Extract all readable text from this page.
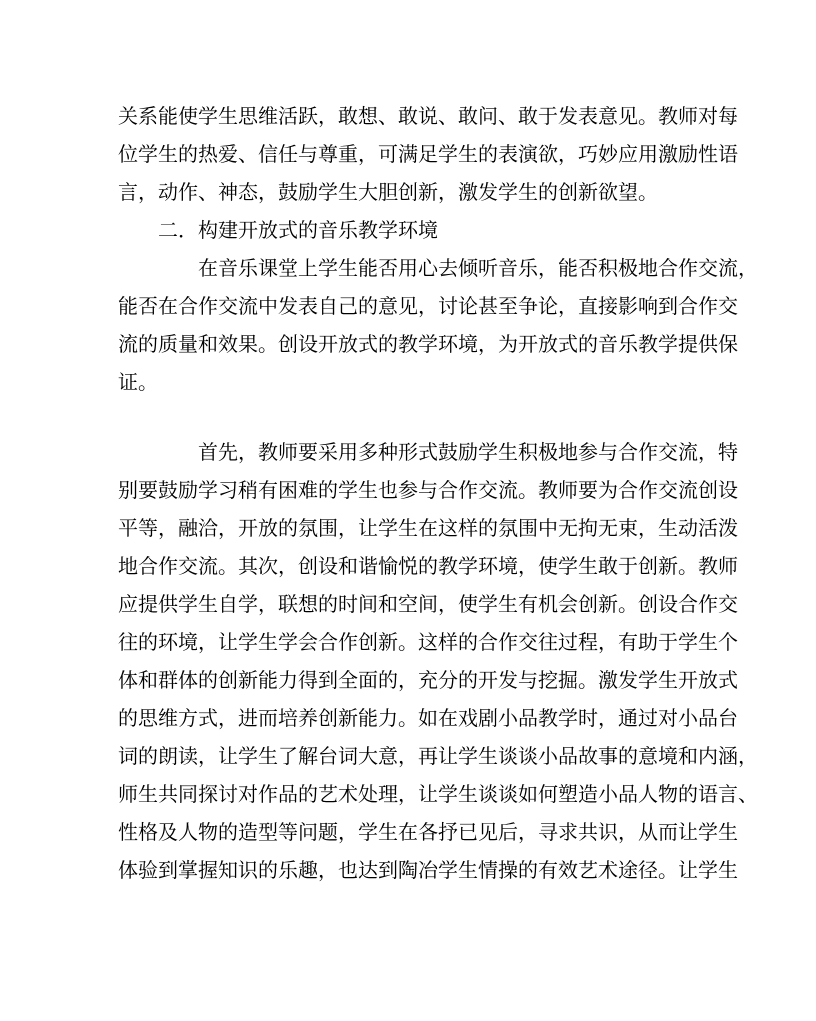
关系能使学生思维活跃，敢想、敢说、敢问、敢于发表意见。教师对每
位学生的热爱、信任与尊重，可满足学生的表演欲，巧妙应用激励性语
言，动作、神态，鼓励学生大胆创新，激发学生的创新欲望。
二．构建开放式的音乐教学环境
在音乐课堂上学生能否用心去倾听音乐，能否积极地合作交流，
能否在合作交流中发表自己的意见，讨论甚至争论，直接影响到合作交
流的质量和效果。创设开放式的教学环境，为开放式的音乐教学提供保
证。
首先，教师要采用多种形式鼓励学生积极地参与合作交流，特
别要鼓励学习稍有困难的学生也参与合作交流。教师要为合作交流创设
平等，融洽，开放的氛围，让学生在这样的氛围中无拘无束，生动活泼
地合作交流。其次，创设和谐愉悦的教学环境，使学生敢于创新。教师
应提供学生自学，联想的时间和空间，使学生有机会创新。创设合作交
往的环境，让学生学会合作创新。这样的合作交往过程，有助于学生个
体和群体的创新能力得到全面的，充分的开发与挖掘。激发学生开放式
的思维方式，进而培养创新能力。如在戏剧小品教学时，通过对小品台
词的朗读，让学生了解台词大意，再让学生谈谈小品故事的意境和内涵，
师生共同探讨对作品的艺术处理，让学生谈谈如何塑造小品人物的语言、
性格及人物的造型等问题，学生在各抒已见后，寻求共识，从而让学生
体验到掌握知识的乐趣，也达到陶冶学生情操的有效艺术途径。让学生
